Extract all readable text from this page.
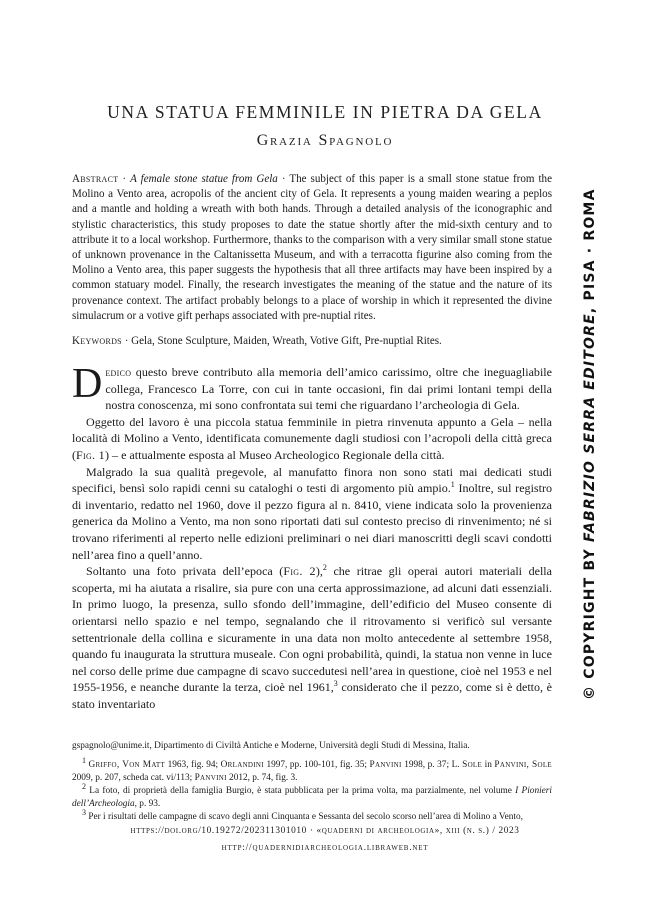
UNA STATUA FEMMINILE IN PIETRA DA GELA
Grazia Spagnolo
Abstract · A female stone statue from Gela · The subject of this paper is a small stone statue from the Molino a Vento area, acropolis of the ancient city of Gela. It represents a young maiden wearing a peplos and a mantle and holding a wreath with both hands. Through a detailed analysis of the iconographic and stylistic characteristics, this study proposes to date the statue shortly after the mid-sixth century and to attribute it to a local workshop. Furthermore, thanks to the comparison with a very similar small stone statue of unknown provenance in the Caltanissetta Museum, and with a terracotta figurine also coming from the Molino a Vento area, this paper suggests the hypothesis that all three artifacts may have been inspired by a common statuary model. Finally, the research investigates the meaning of the statue and the nature of its provenance context. The artifact probably belongs to a place of worship in which it represented the divine simulacrum or a votive gift perhaps associated with pre-nuptial rites.
Keywords · Gela, Stone Sculpture, Maiden, Wreath, Votive Gift, Pre-nuptial Rites.

Dedico questo breve contributo alla memoria dell’amico carissimo, oltre che ineguagliabile collega, Francesco La Torre, con cui in tante occasioni, fin dai primi lontani tempi della nostra conoscenza, mi sono confrontata sui temi che riguardano l’archeologia di Gela.

Oggetto del lavoro è una piccola statua femminile in pietra rinvenuta appunto a Gela – nella località di Molino a Vento, identificata comunemente dagli studiosi con l’acropoli della città greca (Fig. 1) – e attualmente esposta al Museo Archeologico Regionale della città.

Malgrado la sua qualità pregevole, al manufatto finora non sono stati mai dedicati studi specifici, bensì solo rapidi cenni su cataloghi o testi di argomento più ampio.$^1$ Inoltre, sul registro di inventario, redatto nel 1960, dove il pezzo figura al n. 8410, viene indicata solo la provenienza generica da Molino a Vento, ma non sono riportati dati sul contesto preciso di rinvenimento; né si trovano riferimenti al reperto nelle edizioni preliminari o nei diari manoscritti degli scavi condotti nell’area fino a quell’anno.

Soltanto una foto privata dell’epoca (Fig. 2),$^2$ che ritrae gli operai autori materiali della scoperta, mi ha aiutata a risalire, sia pure con una certa approssimazione, ad alcuni dati essenziali. In primo luogo, la presenza, sullo sfondo dell’immagine, dell’edificio del Museo consente di orientarsi nello spazio e nel tempo, segnalando che il ritrovamento si verificò sul versante settentrionale della collina e sicuramente in una data non molto antecedente al settembre 1958, quando fu inaugurata la struttura museale. Con ogni probabilità, quindi, la statua non venne in luce nel corso delle prime due campagne di scavo succedutesi nell’area in questione, cioè nel 1953 e nel 1955-1956, e neanche durante la terza, cioè nel 1961,$^3$ considerato che il pezzo, come si è detto, è stato inventariato

gspagnolo@unime.it, Dipartimento di Civiltà Antiche e Moderne, Università degli Studi di Messina, Italia.
1 Griffo, Von Matt 1963, fig. 94; Orlandini 1997, pp. 100-101, fig. 35; Panvini 1998, p. 37; L. Sole in Panvini, Sole 2009, p. 207, scheda cat. vi/113; Panvini 2012, p. 74, fig. 3.
2 La foto, di proprietà della famiglia Burgio, è stata pubblicata per la prima volta, ma parzialmente, nel volume I Pionieri dell’Archeologia, p. 93.
3 Per i risultati delle campagne di scavo degli anni Cinquanta e Sessanta del secolo scorso nell’area di Molino a Vento,
https://doi.org/10.19272/202311301010 · «quaderni di archeologia», xiii (n. s.) / 2023
http://quadernidiarcheologia.libraweb.net
© COPYRIGHT BY FABRIZIO SERRA EDITORE, PISA · ROMA
